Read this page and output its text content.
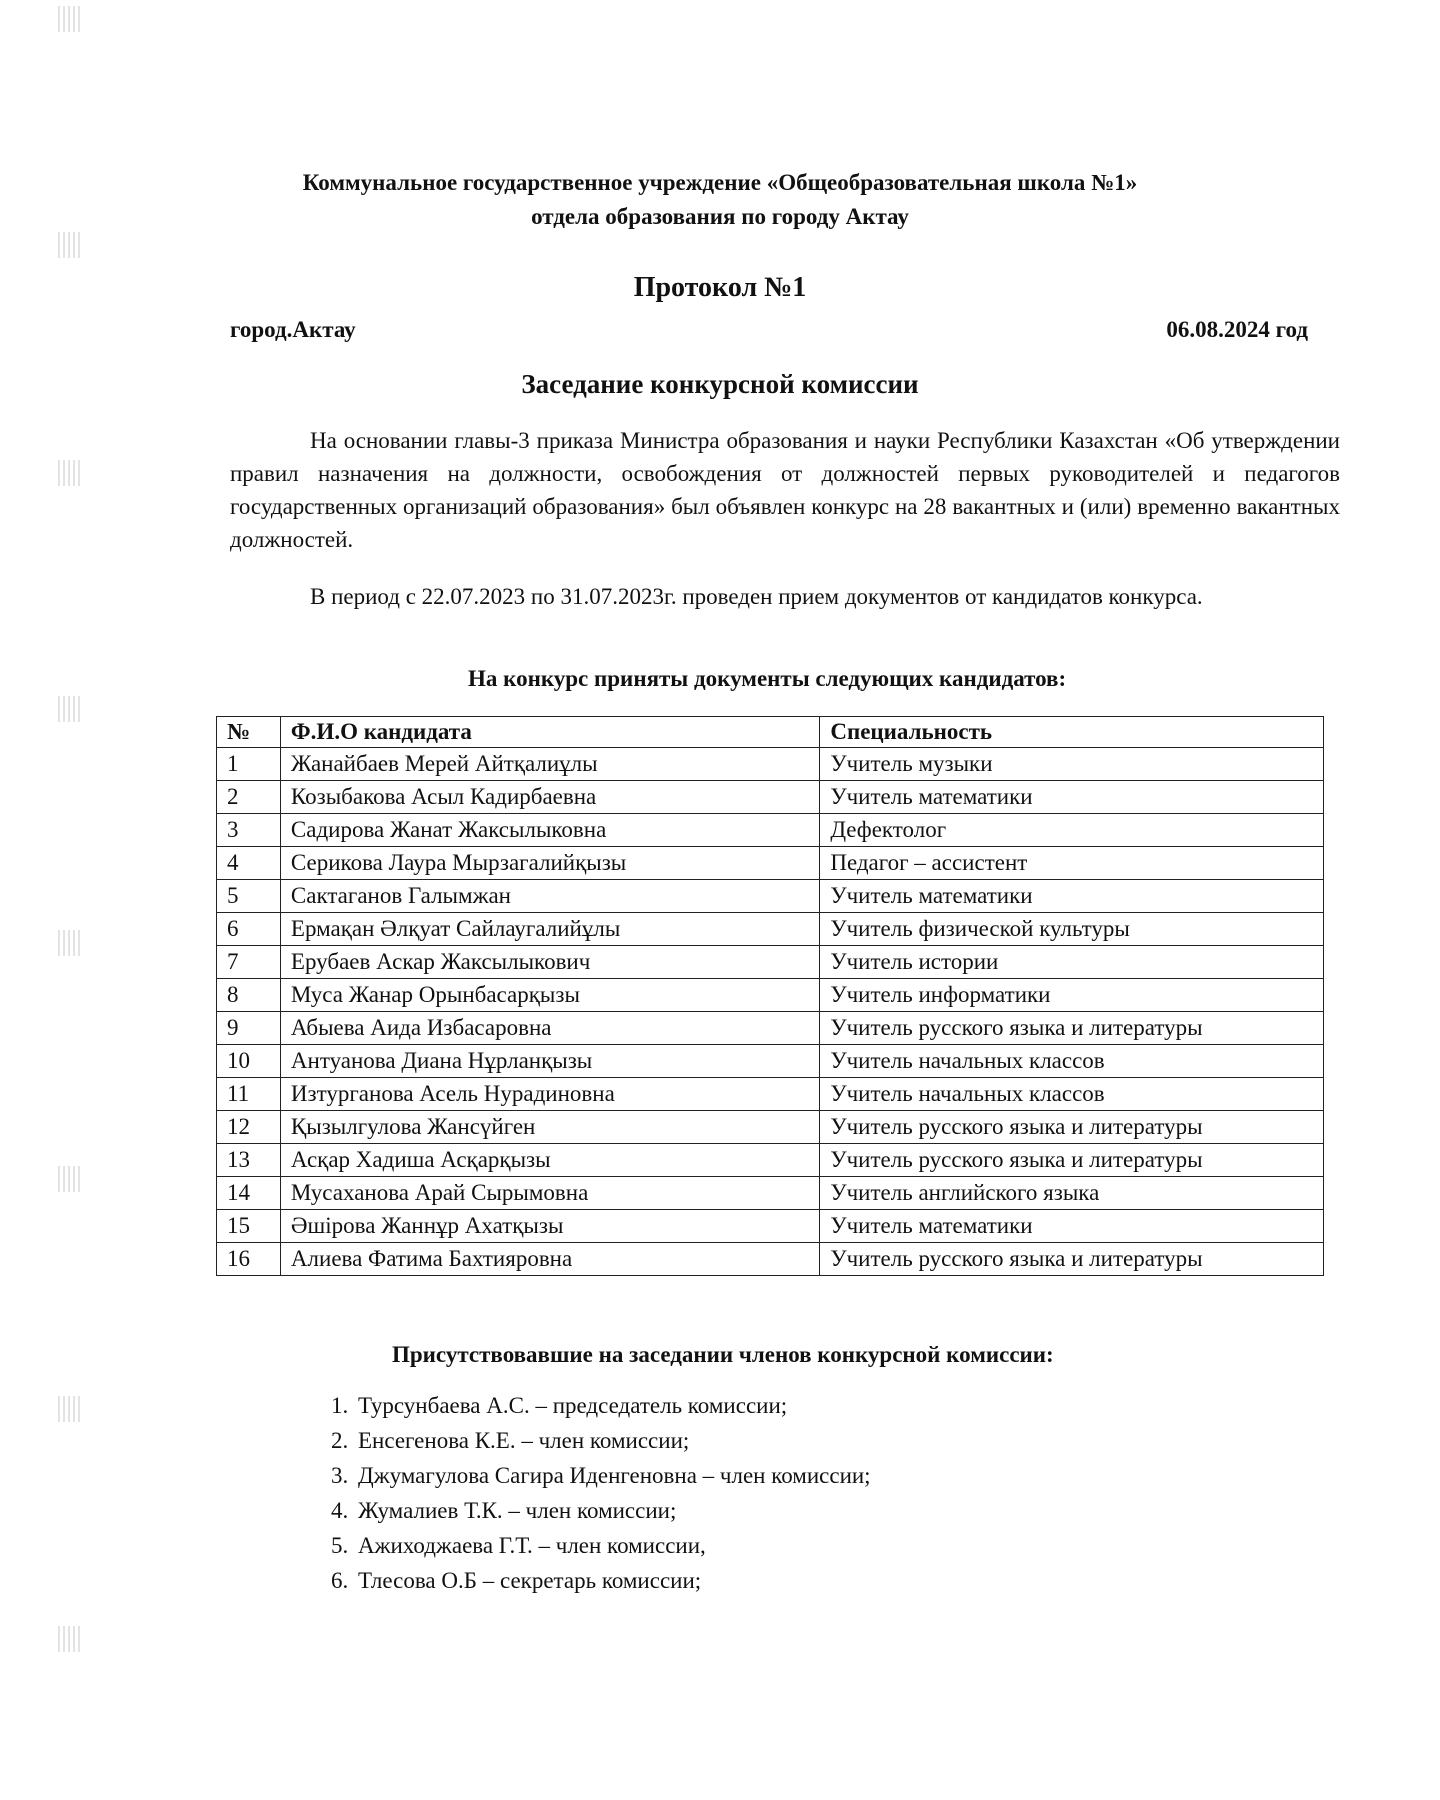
Коммунальное государственное учреждение «Общеобразовательная школа №1»
отдела образования по городу Актау
Протокол №1
город.Актау	06.08.2024 год
Заседание конкурсной комиссии
На основании главы-3 приказа Министра образования и науки Республики Казахстан «Об утверждении правил назначения на должности, освобождения от должностей первых руководителей и педагогов государственных организаций образования» был объявлен конкурс на 28 вакантных и (или) временно вакантных должностей.
В период с 22.07.2023 по 31.07.2023г. проведен прием документов от кандидатов конкурса.
На конкурс приняты документы следующих кандидатов:
№	Ф.И.О кандидата	Специальность
1	Жанайбаев Мерей Айтқалиұлы	Учитель музыки
2	Козыбакова Асыл Кадирбаевна	Учитель математики
3	Садирова Жанат Жаксылыковна	Дефектолог
4	Серикова Лаура Мырзагалийқызы	Педагог – ассистент
5	Сактаганов Галымжан	Учитель математики
6	Ермақан Әлқуат Сайлаугалийұлы	Учитель физической культуры
7	Ерубаев Аскар Жаксылыкович	Учитель истории
8	Муса Жанар Орынбасарқызы	Учитель информатики
9	Абыева Аида Избасаровна	Учитель русского языка и литературы
10	Антуанова Диана Нұрланқызы	Учитель начальных классов
11	Изтурганова Асель Нурадиновна	Учитель начальных классов
12	Қызылгулова Жансүйген	Учитель русского языка и литературы
13	Асқар Хадиша Асқарқызы	Учитель русского языка и литературы
14	Мусаханова Арай Сырымовна	Учитель английского языка
15	Әшірова Жаннұр Ахатқызы	Учитель математики
16	Алиева Фатима Бахтияровна	Учитель русского языка и литературы
Присутствовавшие на заседании членов конкурсной комиссии:
1. Турсунбаева А.С. – председатель комиссии;
2. Енсегенова К.Е. – член комиссии;
3. Джумагулова Сагира Иденгеновна – член комиссии;
4. Жумалиев Т.К. – член комиссии;
5. Ажиходжаева Г.Т. – член комиссии,
6. Тлесова О.Б – секретарь комиссии;
